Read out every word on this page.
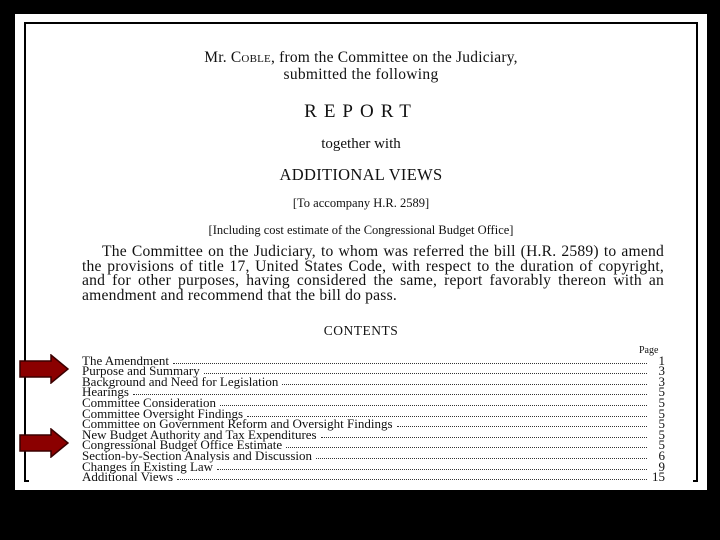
Mr. Coble, from the Committee on the Judiciary,
submitted the following
REPORT
together with
ADDITIONAL VIEWS
[To accompany H.R. 2589]
[Including cost estimate of the Congressional Budget Office]
The Committee on the Judiciary, to whom was referred the bill (H.R. 2589) to amend the provisions of title 17, United States Code, with respect to the duration of copyright, and for other purposes, having considered the same, report favorably thereon with an amendment and recommend that the bill do pass.
CONTENTS
Page
The Amendment	1
Purpose and Summary	3
Background and Need for Legislation	3
Hearings	5
Committee Consideration	5
Committee Oversight Findings	5
Committee on Government Reform and Oversight Findings	5
New Budget Authority and Tax Expenditures	5
Congressional Budget Office Estimate	5
Section-by-Section Analysis and Discussion	6
Changes in Existing Law	9
Additional Views	15
